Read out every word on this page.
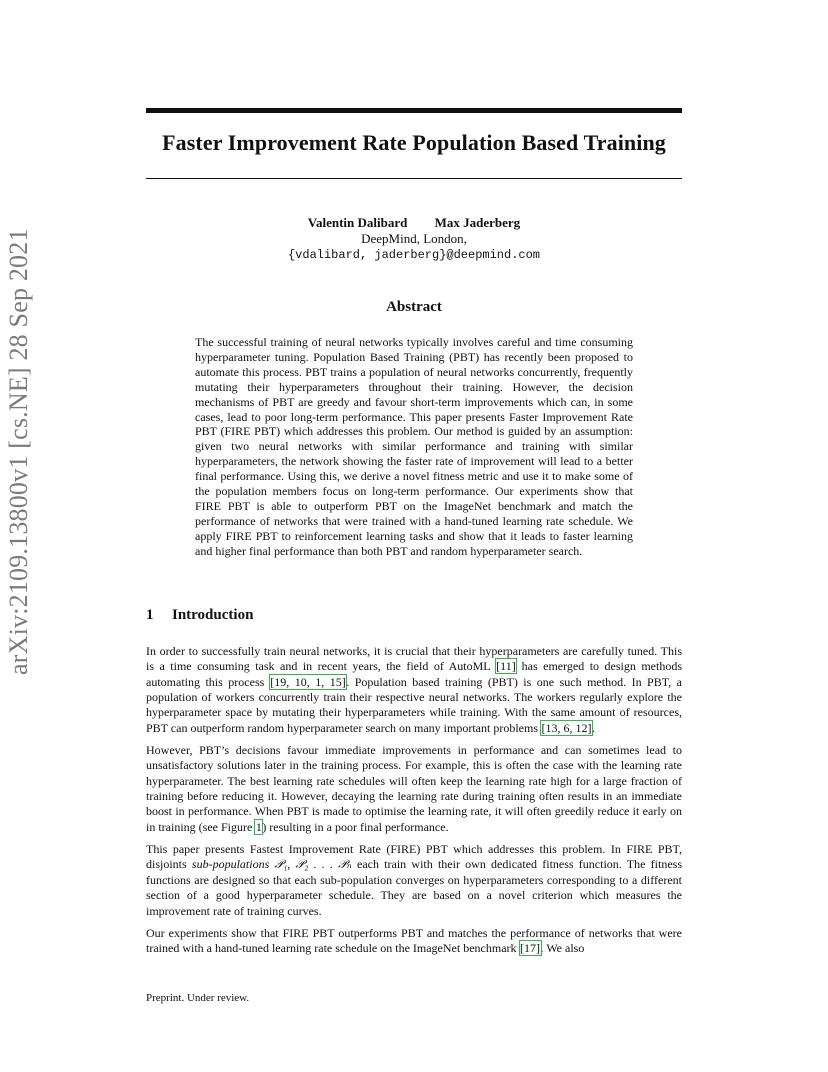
arXiv:2109.13800v1 [cs.NE] 28 Sep 2021
Faster Improvement Rate Population Based Training
Valentin Dalibard Max Jaderberg
DeepMind, London,
{vdalibard, jaderberg}@deepmind.com
Abstract
The successful training of neural networks typically involves careful and time consuming hyperparameter tuning. Population Based Training (PBT) has recently been proposed to automate this process. PBT trains a population of neural networks concurrently, frequently mutating their hyperparameters throughout their training. However, the decision mechanisms of PBT are greedy and favour short-term improvements which can, in some cases, lead to poor long-term performance. This paper presents Faster Improvement Rate PBT (FIRE PBT) which addresses this problem. Our method is guided by an assumption: given two neural networks with similar performance and training with similar hyperparameters, the network showing the faster rate of improvement will lead to a better final performance. Using this, we derive a novel fitness metric and use it to make some of the population members focus on long-term performance. Our experiments show that FIRE PBT is able to outperform PBT on the ImageNet benchmark and match the performance of networks that were trained with a hand-tuned learning rate schedule. We apply FIRE PBT to reinforcement learning tasks and show that it leads to faster learning and higher final performance than both PBT and random hyperparameter search.
1 Introduction

In order to successfully train neural networks, it is crucial that their hyperparameters are carefully tuned. This is a time consuming task and in recent years, the field of AutoML [11] has emerged to design methods automating this process [19, 10, 1, 15]. Population based training (PBT) is one such method. In PBT, a population of workers concurrently train their respective neural networks. The workers regularly explore the hyperparameter space by mutating their hyperparameters while training. With the same amount of resources, PBT can outperform random hyperparameter search on many important problems [13, 6, 12].

However, PBT’s decisions favour immediate improvements in performance and can sometimes lead to unsatisfactory solutions later in the training process. For example, this is often the case with the learning rate hyperparameter. The best learning rate schedules will often keep the learning rate high for a large fraction of training before reducing it. However, decaying the learning rate during training often results in an immediate boost in performance. When PBT is made to optimise the learning rate, it will often greedily reduce it early on in training (see Figure 1) resulting in a poor final performance.

This paper presents Fastest Improvement Rate (FIRE) PBT which addresses this problem. In FIRE PBT, disjoints sub-populations 𝒫₁, 𝒫₂ . . . 𝒫ₙ each train with their own dedicated fitness function. The fitness functions are designed so that each sub-population converges on hyperparameters corresponding to a different section of a good hyperparameter schedule. They are based on a novel criterion which measures the improvement rate of training curves.

Our experiments show that FIRE PBT outperforms PBT and matches the performance of networks that were trained with a hand-tuned learning rate schedule on the ImageNet benchmark [17]. We also

Preprint. Under review.
